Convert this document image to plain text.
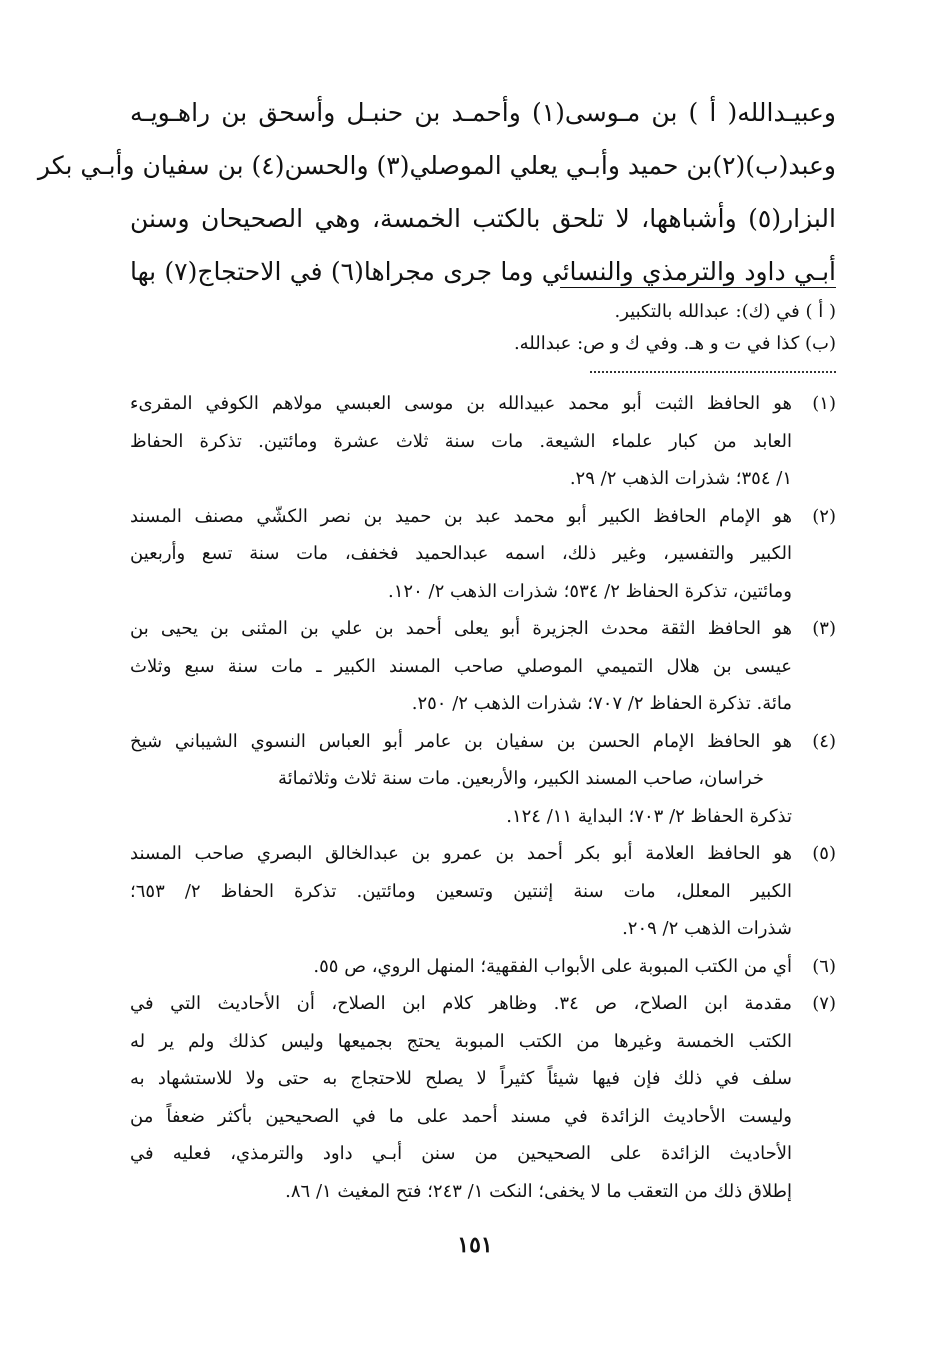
وعبيـدالله( أ ) بن مـوسى(١) وأحمـد بن حنبـل وأسحق بن راهـويـه
وعبد(ب)(٢)بن حميد وأبـي يعلي الموصلي(٣) والحسن(٤) بن سفيان وأبـي بكر
البزار(٥) وأشباهها، لا تلحق بالكتب الخمسة، وهي الصحيحان وسنن
أبـي داود والترمذي والنسائي وما جرى مجراها(٦) في الاحتجاج(٧) بها
( أ ) في (ك): عبدالله بالتكبير.
(ب) كذا في ت و هـ. وفي ك و ص: عبدالله.
(١)
هو الحافظ الثبت أبو محمد عبيدالله بن موسى العبسي مولاهم الكوفي المقرىء
العابد من كبار علماء الشيعة. مات سنة ثلاث عشرة ومائتين. تذكرة الحفاظ
١/ ٣٥٤؛ شذرات الذهب ٢/ ٢٩.
(٢)
هو الإمام الحافظ الكبير أبو محمد عبد بن حميد بن نصر الكشّي مصنف المسند
الكبير والتفسير، وغير ذلك، اسمه عبدالحميد فخفف، مات سنة تسع وأربعين
ومائتين، تذكرة الحفاظ ٢/ ٥٣٤؛ شذرات الذهب ٢/ ١٢٠.
(٣)
هو الحافظ الثقة محدث الجزيرة أبو يعلى أحمد بن علي بن المثنى بن يحيى بن
عيسى بن هلال التميمي الموصلي صاحب المسند الكبير ـ مات سنة سبع وثلاث
مائة. تذكرة الحفاظ ٢/ ٧٠٧؛ شذرات الذهب ٢/ ٢٥٠.
(٤)
هو الحافظ الإمام الحسن بن سفيان بن عامر أبو العباس النسوي الشيباني شيخ
خراسان، صاحب المسند الكبير، والأربعين. مات سنة ثلاث وثلاثمائة
تذكرة الحفاظ ٢/ ٧٠٣؛ البداية ١١/ ١٢٤.
(٥)
هو الحافظ العلامة أبو بكر أحمد بن عمرو بن عبدالخالق البصري صاحب المسند
الكبير المعلل، مات سنة إثنتين وتسعين ومائتين. تذكرة الحفاظ ٢/ ٦٥٣؛
شذرات الذهب ٢/ ٢٠٩.
(٦)
أي من الكتب المبوبة على الأبواب الفقهية؛ المنهل الروي، ص ٥٥.
(٧)
مقدمة ابن الصلاح، ص ٣٤. وظاهر كلام ابن الصلاح، أن الأحاديث التي في
الكتب الخمسة وغيرها من الكتب المبوبة يحتج بجميعها وليس كذلك ولم ير له
سلف في ذلك فإن فيها شيئاً كثيراً لا يصلح للاحتجاج به حتى ولا للاستشهاد به
وليست الأحاديث الزائدة في مسند أحمد على ما في الصحيحين بأكثر ضعفاً من
الأحاديث الزائدة على الصحيحين من سنن أبـي داود والترمذي، فعليه في
إطلاق ذلك من التعقب ما لا يخفى؛ النكت ١/ ٢٤٣؛ فتح المغيث ١/ ٨٦.
١٥١
